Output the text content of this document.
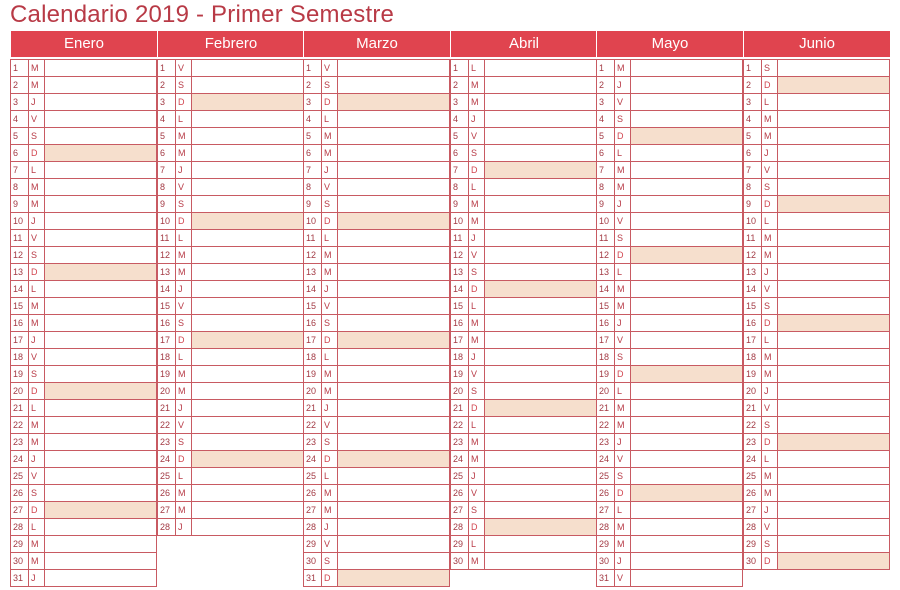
Calendario 2019 - Primer Semestre
Enero
1	M
2	M
3	J
4	V
5	S
6	D
7	L
8	M
9	M
10 J
11 V
12 S
13 D
14 L
15 M
16 M
17 J
18 V
19 S
20 D
21 L
22 M
23 M
24 J
25 V
26 S
27 D
28 L
29 M
30 M
31 J
Febrero
1	V
2	S
3	D
4	L
5	M
6	M
7	J
8	V
9	S
10 D
11 L
12 M
13 M
14 J
15 V
16 S
17 D
18 L
19 M
20 M
21 J
22 V
23 S
24 D
25 L
26 M
27 M
28 J
Marzo
1	V
2	S
3	D
4	L
5	M
6	M
7	J
8	V
9	S
10 D
11 L
12 M
13 M
14 J
15 V
16 S
17 D
18 L
19 M
20 M
21 J
22 V
23 S
24 D
25 L
26 M
27 M
28 J
29 V
30 S
31 D
Abril
1	L
2	M
3	M
4	J
5	V
6	S
7	D
8	L
9	M
10 M
11 J
12 V
13 S
14 D
15 L
16 M
17 M
18 J
19 V
20 S
21 D
22 L
23 M
24 M
25 J
26 V
27 S
28 D
29 L
30 M
Mayo
1	M
2	J
3	V
4	S
5	D
6	L
7	M
8	M
9	J
10 V
11 S
12 D
13 L
14 M
15 M
16 J
17 V
18 S
19 D
20 L
21 M
22 M
23 J
24 V
25 S
26 D
27 L
28 M
29 M
30 J
31 V
Junio
1	S
2	D
3	L
4	M
5	M
6	J
7	V
8	S
9	D
10 L
11 M
12 M
13 J
14 V
15 S
16 D
17 L
18 M
19 M
20 J
21 V
22 S
23 D
24 L
25 M
26 M
27 J
28 V
29 S
30 D
